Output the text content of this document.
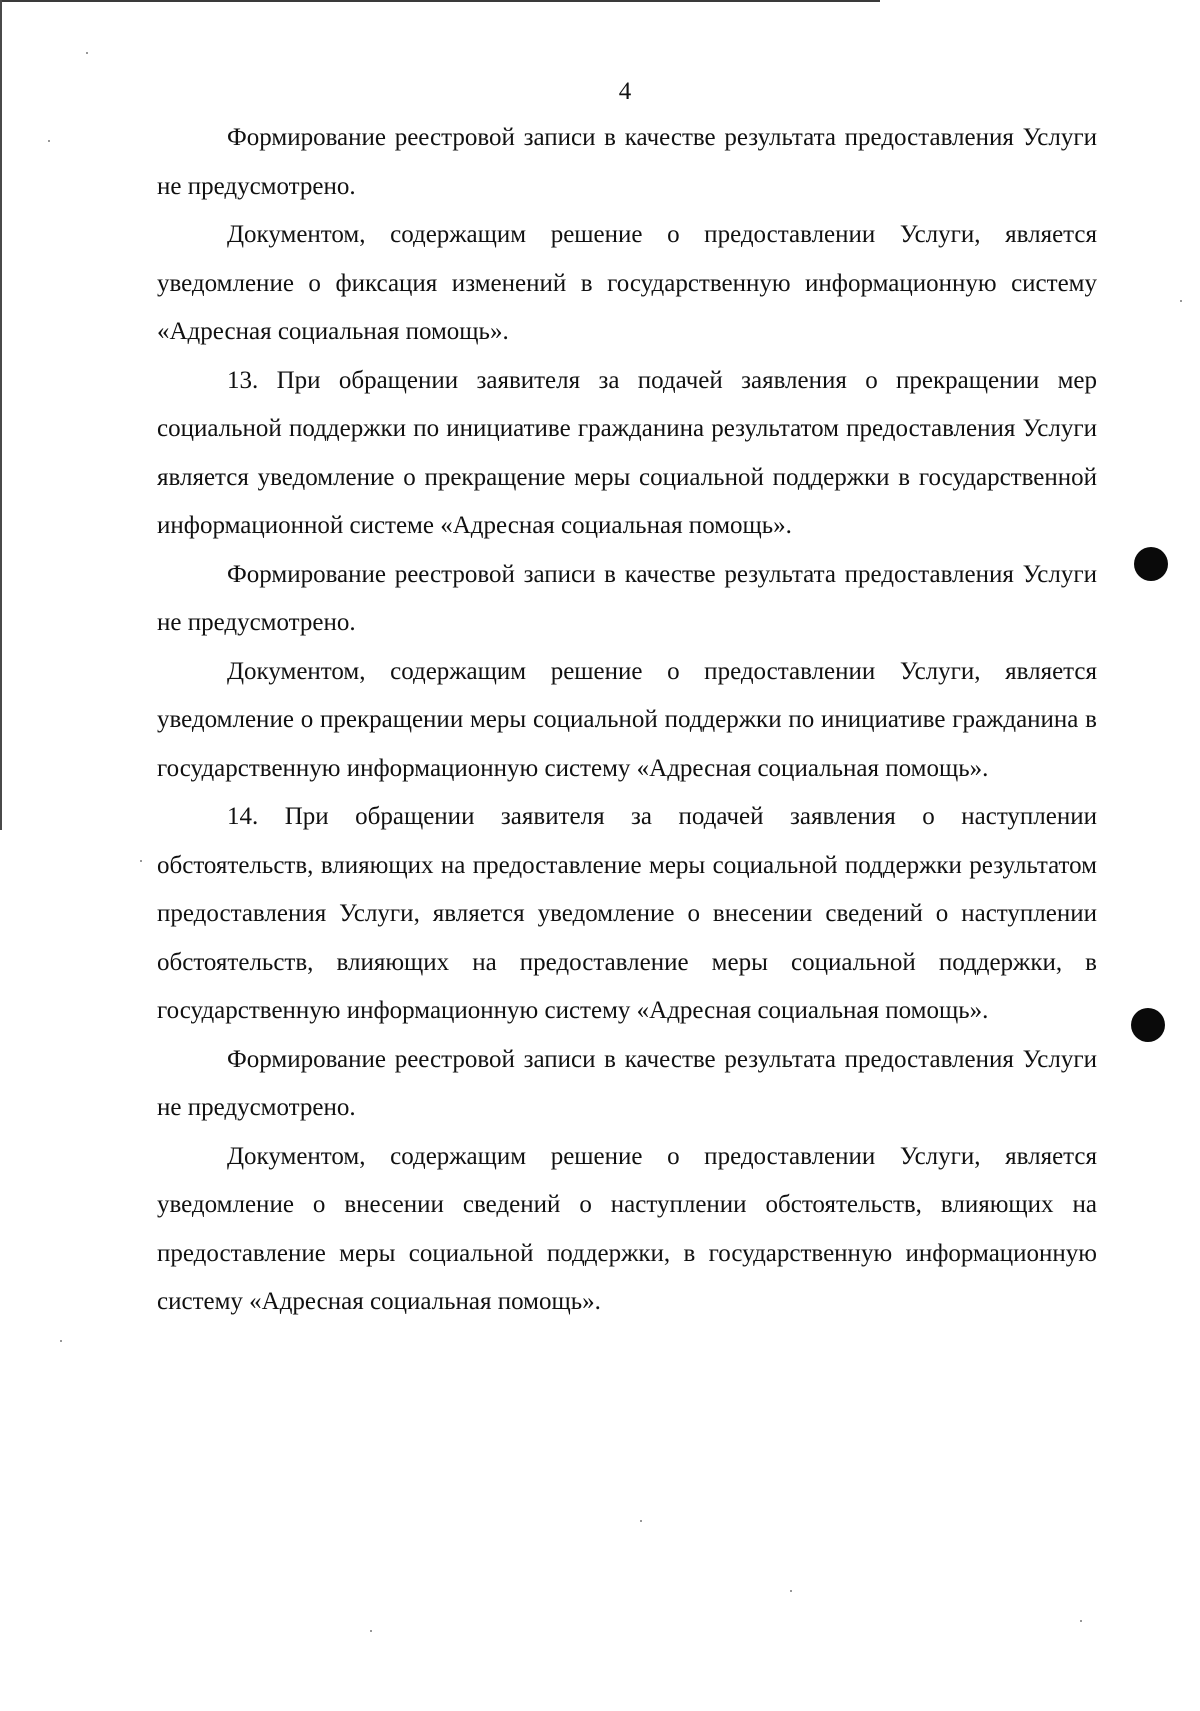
4

Формирование реестровой записи в качестве результата предоставления Услуги не предусмотрено.

Документом, содержащим решение о предоставлении Услуги, является уведомление о фиксация изменений в государственную информационную систему «Адресная социальная помощь».

13. При обращении заявителя за подачей заявления о прекращении мер социальной поддержки по инициативе гражданина результатом предоставления Услуги является уведомление о прекращение меры социальной поддержки в государственной информационной системе «Адресная социальная помощь».

Формирование реестровой записи в качестве результата предоставления Услуги не предусмотрено.

Документом, содержащим решение о предоставлении Услуги, является уведомление о прекращении меры социальной поддержки по инициативе гражданина в государственную информационную систему «Адресная социальная помощь».

14. При обращении заявителя за подачей заявления о наступлении обстоятельств, влияющих на предоставление меры социальной поддержки результатом предоставления Услуги, является уведомление о внесении сведений о наступлении обстоятельств, влияющих на предоставление меры социальной поддержки, в государственную информационную систему «Адресная социальная помощь».

Формирование реестровой записи в качестве результата предоставления Услуги не предусмотрено.

Документом, содержащим решение о предоставлении Услуги, является уведомление о внесении сведений о наступлении обстоятельств, влияющих на предоставление меры социальной поддержки, в государственную информационную систему «Адресная социальная помощь».
